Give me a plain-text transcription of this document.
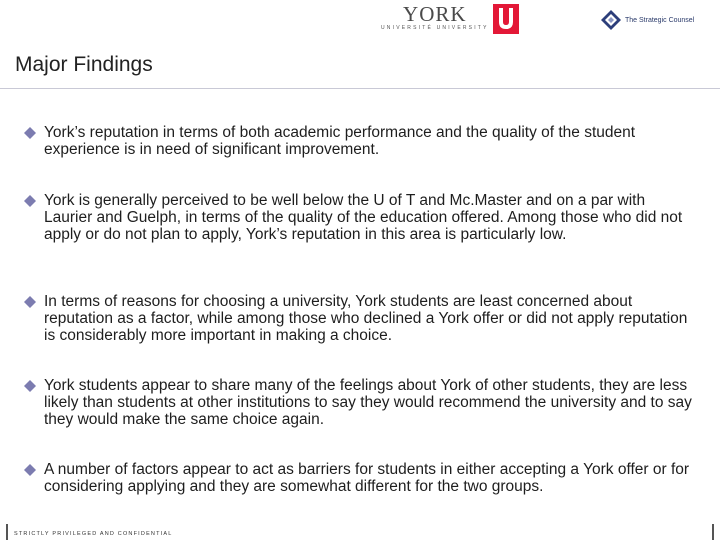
YORK
UNIVERSITÉ UNIVERSITY
The Strategic Counsel
Major Findings
York’s reputation in terms of both academic performance and the quality of the student experience is in need of significant improvement.
York is generally perceived to be well below the U of T and Mc.Master and on a par with Laurier and Guelph, in terms of the quality of the education offered. Among those who did not apply or do not plan to apply, York’s reputation in this area is particularly low.
In terms of reasons for choosing a university, York students are least concerned about reputation as a factor, while among those who declined a York offer or did not apply reputation is considerably more important in making a choice.
York students appear to share many of the feelings about York of other students, they are less likely than students at other institutions to say they would recommend the university and to say they would make the same choice again.
A number of factors appear to act as barriers for students in either accepting a York offer or for considering applying and they are somewhat different for the two groups.
STRICTLY PRIVILEGED AND CONFIDENTIAL
